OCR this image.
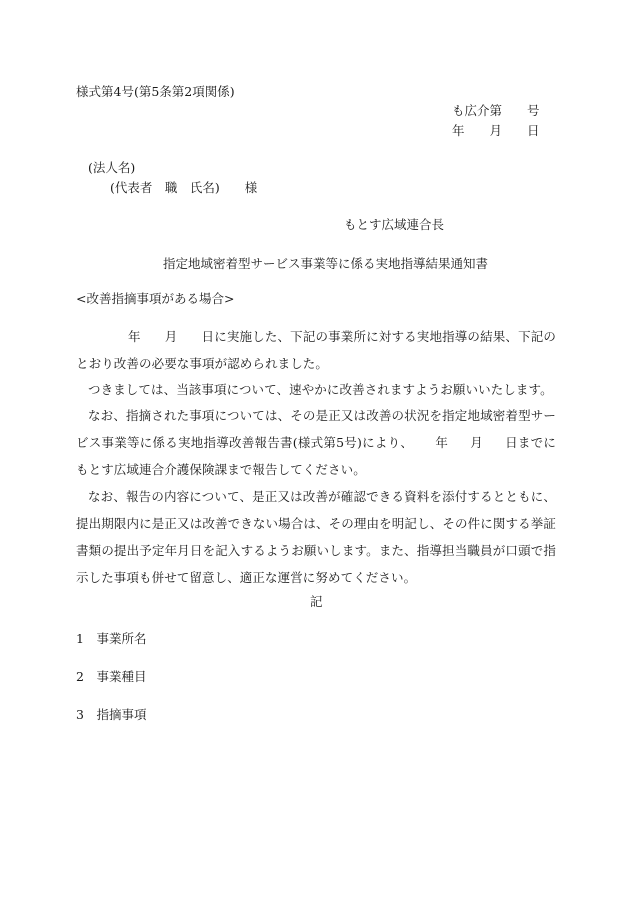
様式第4号(第5条第2項関係)
も広介第　　号
年　　月　　日
(法人名)
(代表者　職　氏名)　　様
もとす広域連合長
指定地域密着型サービス事業等に係る実地指導結果通知書
<改善指摘事項がある場合>
年 月 日に実施した、下記の事業所に対する実地指導の結果、下記のとおり改善の必要な事項が認められました。
つきましては、当該事項について、速やかに改善されますようお願いいたします。
なお、指摘された事項については、その是正又は改善の状況を指定地域密着型サービス事業等に係る実地指導改善報告書(様式第5号)により、 年 月 日までにもとす広域連合介護保険課まで報告してください。
なお、報告の内容について、是正又は改善が確認できる資料を添付するとともに、提出期限内に是正又は改善できない場合は、その理由を明記し、その件に関する挙証書類の提出予定年月日を記入するようお願いします。また、指導担当職員が口頭で指示した事項も併せて留意し、適正な運営に努めてください。
記
1　事業所名
2　事業種目
3　指摘事項
